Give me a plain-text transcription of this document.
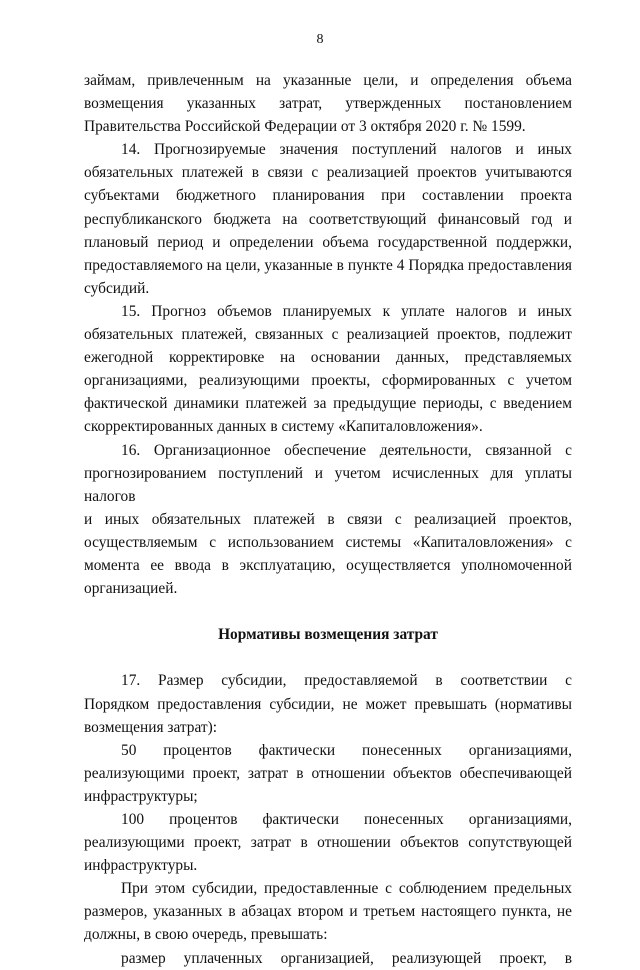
8

займам, привлеченным на указанные цели, и определения объема

возмещения указанных затрат, утвержденных постановлением

Правительства Российской Федерации от 3 октября 2020 г. № 1599.

14. Прогнозируемые значения поступлений налогов и иных

обязательных платежей в связи с реализацией проектов учитываются

субъектами бюджетного планирования при составлении проекта

республиканского бюджета на соответствующий финансовый год и

плановый период и определении объема государственной поддержки,

предоставляемого на цели, указанные в пункте 4 Порядка предоставления

субсидий.

15. Прогноз объемов планируемых к уплате налогов и иных

обязательных платежей, связанных с реализацией проектов, подлежит

ежегодной корректировке на основании данных, представляемых

организациями, реализующими проекты, сформированных с учетом

фактической динамики платежей за предыдущие периоды, с введением

скорректированных данных в систему «Капиталовложения».

16. Организационное обеспечение деятельности, связанной с

прогнозированием поступлений и учетом исчисленных для уплаты налогов

и иных обязательных платежей в связи с реализацией проектов,

осуществляемым с использованием системы «Капиталовложения» с

момента ее ввода в эксплуатацию, осуществляется уполномоченной

организацией.

Нормативы возмещения затрат

17. Размер субсидии, предоставляемой в соответствии с

Порядком предоставления субсидии, не может превышать (нормативы

возмещения затрат):

50 процентов фактически понесенных организациями,

реализующими проект, затрат в отношении объектов обеспечивающей

инфраструктуры;

100 процентов фактически понесенных организациями,

реализующими проект, затрат в отношении объектов сопутствующей

инфраструктуры.

При этом субсидии, предоставленные с соблюдением предельных

размеров, указанных в абзацах втором и третьем настоящего пункта, не

должны, в свою очередь, превышать:

размер уплаченных организацией, реализующей проект, в
